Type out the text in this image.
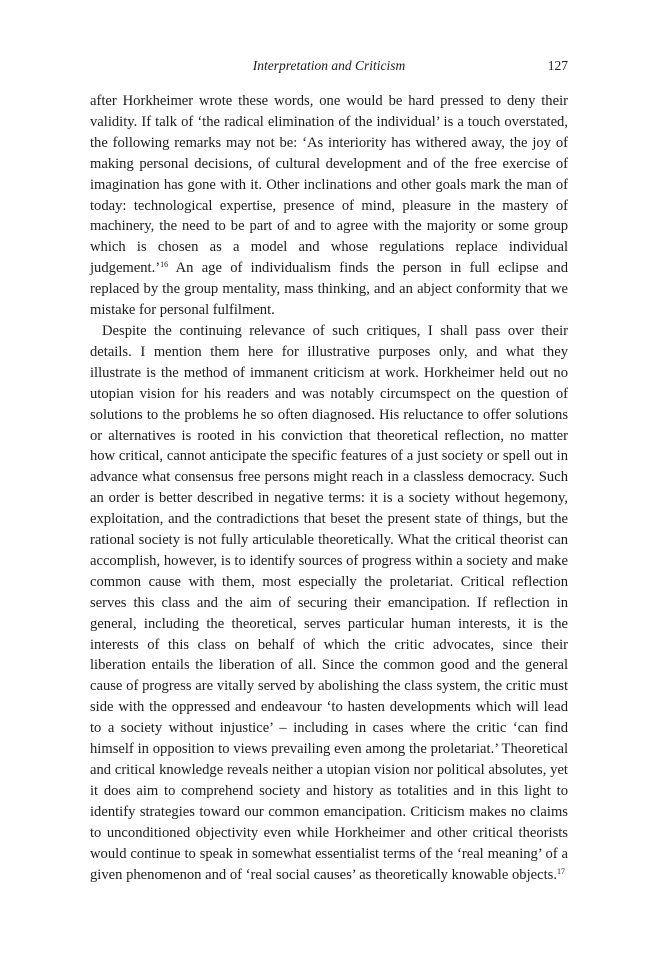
Interpretation and Criticism	127

after Horkheimer wrote these words, one would be hard pressed to deny their validity. If talk of ‘the radical elimination of the individual’ is a touch overstated, the following remarks may not be: ‘As interiority has withered away, the joy of making personal decisions, of cultural development and of the free exercise of imagination has gone with it. Other inclinations and other goals mark the man of today: technological expertise, presence of mind, pleasure in the mastery of machinery, the need to be part of and to agree with the majority or some group which is chosen as a model and whose regulations replace individual judgement.’$^{16}$ An age of individualism finds the person in full eclipse and replaced by the group mentality, mass thinking, and an abject conformity that we mistake for personal fulfilment.

Despite the continuing relevance of such critiques, I shall pass over their details. I mention them here for illustrative purposes only, and what they illustrate is the method of immanent criticism at work. Horkheimer held out no utopian vision for his readers and was notably circumspect on the question of solutions to the problems he so often diagnosed. His reluctance to offer solutions or alternatives is rooted in his conviction that theoretical reflection, no matter how critical, cannot anticipate the specific features of a just society or spell out in advance what consensus free persons might reach in a classless democracy. Such an order is better described in negative terms: it is a society without hegemony, exploitation, and the contradictions that beset the present state of things, but the rational society is not fully articulable theoretically. What the critical theorist can accomplish, however, is to identify sources of progress within a society and make common cause with them, most especially the proletariat. Critical reflection serves this class and the aim of securing their emancipation. If reflection in general, including the theoretical, serves particular human interests, it is the interests of this class on behalf of which the critic advocates, since their liberation entails the liberation of all. Since the common good and the general cause of progress are vitally served by abolishing the class system, the critic must side with the oppressed and endeavour ‘to hasten developments which will lead to a society without injustice’ – including in cases where the critic ‘can find himself in opposition to views prevailing even among the proletariat.’ Theoretical and critical knowledge reveals neither a utopian vision nor political absolutes, yet it does aim to comprehend society and history as totalities and in this light to identify strategies toward our common emancipation. Criticism makes no claims to unconditioned objectivity even while Horkheimer and other critical theorists would continue to speak in somewhat essentialist terms of the ‘real meaning’ of a given phenomenon and of ‘real social causes’ as theoretically knowable objects.$^{17}$
